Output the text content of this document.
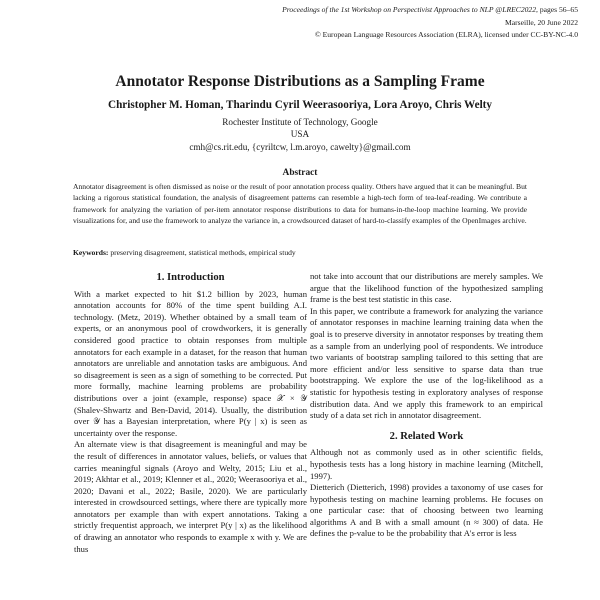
Proceedings of the 1st Workshop on Perspectivist Approaches to NLP @LREC2022, pages 56–65
Marseille, 20 June 2022
© European Language Resources Association (ELRA), licensed under CC-BY-NC-4.0
Annotator Response Distributions as a Sampling Frame
Christopher M. Homan, Tharindu Cyril Weerasooriya, Lora Aroyo, Chris Welty
Rochester Institute of Technology, Google
USA
cmh@cs.rit.edu, {cyriltcw, l.m.aroyo, cawelty}@gmail.com
Abstract
Annotator disagreement is often dismissed as noise or the result of poor annotation process quality. Others have argued that it can be meaningful. But lacking a rigorous statistical foundation, the analysis of disagreement patterns can resemble a high-tech form of tea-leaf-reading. We contribute a framework for analyzing the variation of per-item annotator response distributions to data for humans-in-the-loop machine learning. We provide visualizations for, and use the framework to analyze the variance in, a crowdsourced dataset of hard-to-classify examples of the OpenImages archive.
Keywords: preserving disagreement, statistical methods, empirical study
1. Introduction

With a market expected to hit $1.2 billion by 2023, human annotation accounts for 80% of the time spent building A.I. technology. (Metz, 2019). Whether obtained by a small team of experts, or an anonymous pool of crowdworkers, it is generally considered good practice to obtain responses from multiple annotators for each example in a dataset, for the reason that human annotators are unreliable and annotation tasks are ambiguous. And so disagreement is seen as a sign of something to be corrected. Put more formally, machine learning problems are probability distributions over a joint (example, response) space 𝒳 × 𝒴 (Shalev-Shwartz and Ben-David, 2014). Usually, the distribution over 𝒴 has a Bayesian interpretation, where P(y | x) is seen as uncertainty over the response.

An alternate view is that disagreement is meaningful and may be the result of differences in annotator values, beliefs, or values that carries meaningful signals (Aroyo and Welty, 2015; Liu et al., 2019; Akhtar et al., 2019; Klenner et al., 2020; Weerasooriya et al., 2020; Davani et al., 2022; Basile, 2020). We are particularly interested in crowdsourced settings, where there are typically more annotators per example than with expert annotations. Taking a strictly frequentist approach, we interpret P(y | x) as the likelihood of drawing an annotator who responds to example x with y. We are thus

not take into account that our distributions are merely samples. We argue that the likelihood function of the hypothesized sampling frame is the best test statistic in this case.

In this paper, we contribute a framework for analyzing the variance of annotator responses in machine learning training data when the goal is to preserve diversity in annotator responses by treating them as a sample from an underlying pool of respondents. We introduce two variants of bootstrap sampling tailored to this setting that are more efficient and/or less sensitive to sparse data than true bootstrapping. We explore the use of the log-likelihood as a statistic for hypothesis testing in exploratory analyses of response distribution data. And we apply this framework to an empirical study of a data set rich in annotator disagreement.

2. Related Work

Although not as commonly used as in other scientific fields, hypothesis tests has a long history in machine learning (Mitchell, 1997).

Dietterich (Dietterich, 1998) provides a taxonomy of use cases for hypothesis testing on machine learning problems. He focuses on one particular case: that of choosing between two learning algorithms A and B with a small amount (n ≈ 300) of data. He defines the p-value to be the probability that A's error is less
